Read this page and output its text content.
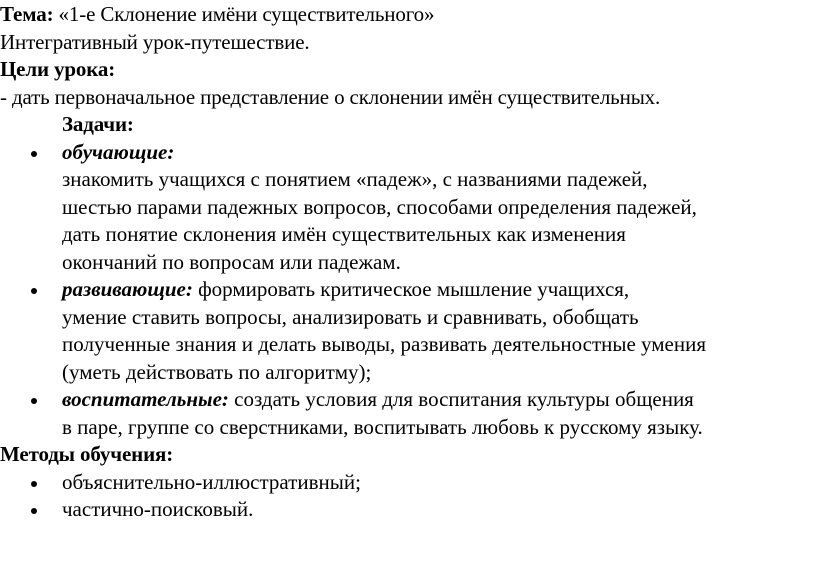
Тема: «1-е Склонение имёни существительного»

Интегративный урок-путешествие.

Цели урока:

- дать первоначальное представление о склонении имён существительных.

Задачи:

обучающие:
знакомить учащихся с понятием «падеж», с названиями падежей,
шестью парами падежных вопросов, способами определения падежей,
дать понятие склонения имён существительных как изменения
окончаний по вопросам или падежам.
развивающие: формировать критическое мышление учащихся,
умение ставить вопросы, анализировать и сравнивать, обобщать
полученные знания и делать выводы, развивать деятельностные умения
(уметь действовать по алгоритму);
воспитательные: создать условия для воспитания культуры общения
в паре, группе со сверстниками, воспитывать любовь к русскому языку.

Методы обучения:

объяснительно-иллюстративный;
частично-поисковый.
